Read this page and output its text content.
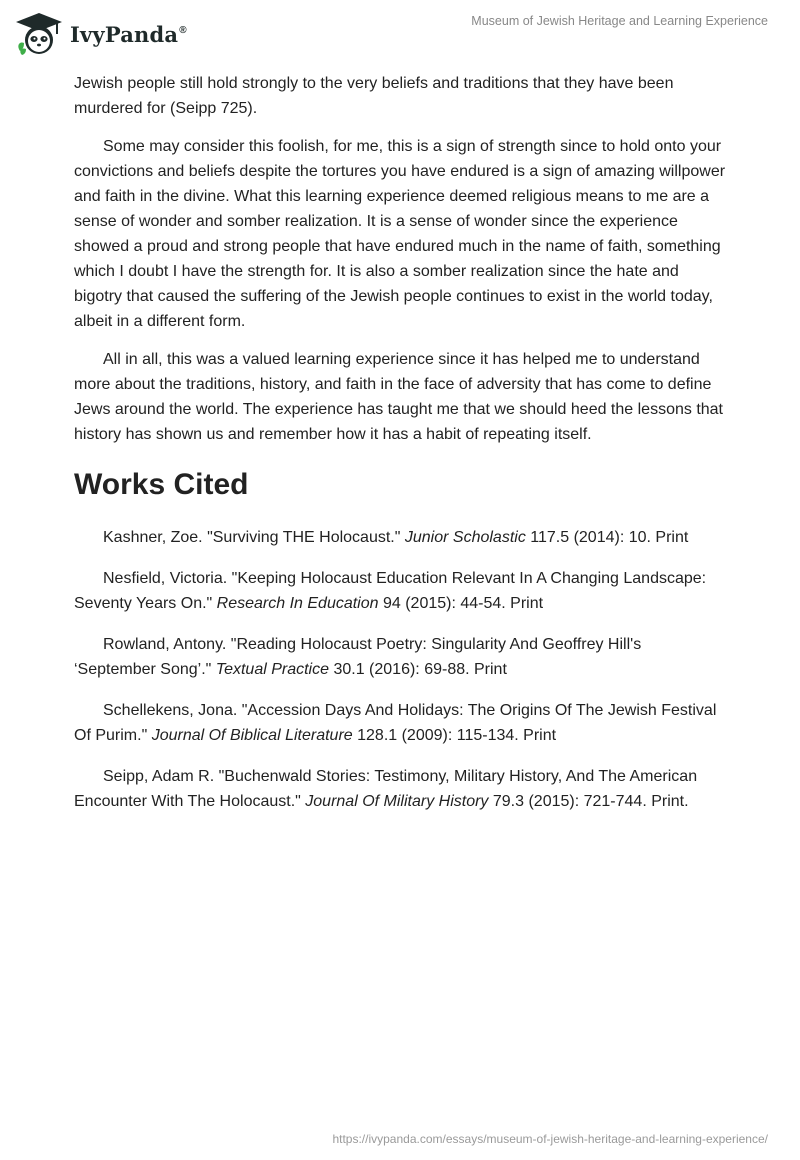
IvyPanda®
Museum of Jewish Heritage and Learning Experience

Jewish people still hold strongly to the very beliefs and traditions that they have been murdered for (Seipp 725).

Some may consider this foolish, for me, this is a sign of strength since to hold onto your convictions and beliefs despite the tortures you have endured is a sign of amazing willpower and faith in the divine. What this learning experience deemed religious means to me are a sense of wonder and somber realization. It is a sense of wonder since the experience showed a proud and strong people that have endured much in the name of faith, something which I doubt I have the strength for. It is also a somber realization since the hate and bigotry that caused the suffering of the Jewish people continues to exist in the world today, albeit in a different form.

All in all, this was a valued learning experience since it has helped me to understand more about the traditions, history, and faith in the face of adversity that has come to define Jews around the world. The experience has taught me that we should heed the lessons that history has shown us and remember how it has a habit of repeating itself.

Works Cited

Kashner, Zoe. "Surviving THE Holocaust." Junior Scholastic 117.5 (2014): 10. Print

Nesfield, Victoria. "Keeping Holocaust Education Relevant In A Changing Landscape: Seventy Years On." Research In Education 94 (2015): 44-54. Print

Rowland, Antony. "Reading Holocaust Poetry: Singularity And Geoffrey Hill's ‘September Song’." Textual Practice 30.1 (2016): 69-88. Print

Schellekens, Jona. "Accession Days And Holidays: The Origins Of The Jewish Festival Of Purim." Journal Of Biblical Literature 128.1 (2009): 115-134. Print

Seipp, Adam R. "Buchenwald Stories: Testimony, Military History, And The American Encounter With The Holocaust." Journal Of Military History 79.3 (2015): 721-744. Print.

https://ivypanda.com/essays/museum-of-jewish-heritage-and-learning-experience/
